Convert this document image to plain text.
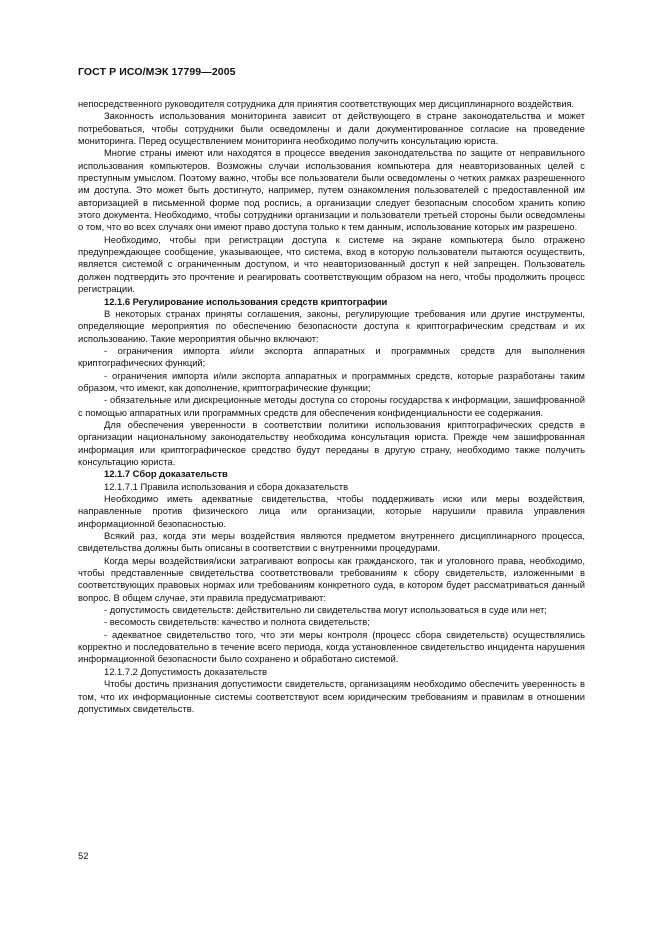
ГОСТ Р ИСО/МЭК 17799—2005

непосредственного руководителя сотрудника для принятия соответствующих мер дисциплинарного воздействия.

Законность использования мониторинга зависит от действующего в стране законодательства и может потребоваться, чтобы сотрудники были осведомлены и дали документированное согласие на проведение мониторинга. Перед осуществлением мониторинга необходимо получить консультацию юриста.

Многие страны имеют или находятся в процессе введения законодательства по защите от неправильного использования компьютеров. Возможны случаи использования компьютера для неавторизованных целей с преступным умыслом. Поэтому важно, чтобы все пользователи были осведомлены о четких рамках разрешенного им доступа. Это может быть достигнуто, например, путем ознакомления пользователей с предоставленной им авторизацией в письменной форме под роспись, а организации следует безопасным способом хранить копию этого документа. Необходимо, чтобы сотрудники организации и пользователи третьей стороны были осведомлены о том, что во всех случаях они имеют право доступа только к тем данным, использование которых им разрешено.

Необходимо, чтобы при регистрации доступа к системе на экране компьютера было отражено предупреждающее сообщение, указывающее, что система, вход в которую пользователи пытаются осуществить, является системой с ограниченным доступом, и что неавторизованный доступ к ней запрещен. Пользователь должен подтвердить это прочтение и реагировать соответствующим образом на него, чтобы продолжить процесс регистрации.

12.1.6 Регулирование использования средств криптографии

В некоторых странах приняты соглашения, законы, регулирующие требования или другие инструменты, определяющие мероприятия по обеспечению безопасности доступа к криптографическим средствам и их использованию. Такие мероприятия обычно включают:

- ограничения импорта и/или экспорта аппаратных и программных средств для выполнения криптографических функций;

- ограничения импорта и/или экспорта аппаратных и программных средств, которые разработаны таким образом, что имеют, как дополнение, криптографические функции;

- обязательные или дискреционные методы доступа со стороны государства к информации, зашифрованной с помощью аппаратных или программных средств для обеспечения конфиденциальности ее содержания.

Для обеспечения уверенности в соответствии политики использования криптографических средств в организации национальному законодательству необходима консультация юриста. Прежде чем зашифрованная информация или криптографическое средство будут переданы в другую страну, необходимо также получить консультацию юриста.

12.1.7 Сбор доказательств

12.1.7.1 Правила использования и сбора доказательств

Необходимо иметь адекватные свидетельства, чтобы поддерживать иски или меры воздействия, направленные против физического лица или организации, которые нарушили правила управления информационной безопасностью.

Всякий раз, когда эти меры воздействия являются предметом внутреннего дисциплинарного процесса, свидетельства должны быть описаны в соответствии с внутренними процедурами.

Когда меры воздействия/иски затрагивают вопросы как гражданского, так и уголовного права, необходимо, чтобы представленные свидетельства соответствовали требованиям к сбору свидетельств, изложенными в соответствующих правовых нормах или требованиям конкретного суда, в котором будет рассматриваться данный вопрос. В общем случае, эти правила предусматривают:

- допустимость свидетельств: действительно ли свидетельства могут использоваться в суде или нет;

- весомость свидетельств: качество и полнота свидетельств;

- адекватное свидетельство того, что эти меры контроля (процесс сбора свидетельств) осуществлялись корректно и последовательно в течение всего периода, когда установленное свидетельство инцидента нарушения информационной безопасности было сохранено и обработано системой.

12.1.7.2 Допустимость доказательств

Чтобы достичь признания допустимости свидетельств, организациям необходимо обеспечить уверенность в том, что их информационные системы соответствуют всем юридическим требованиям и правилам в отношении допустимых свидетельств.

52
